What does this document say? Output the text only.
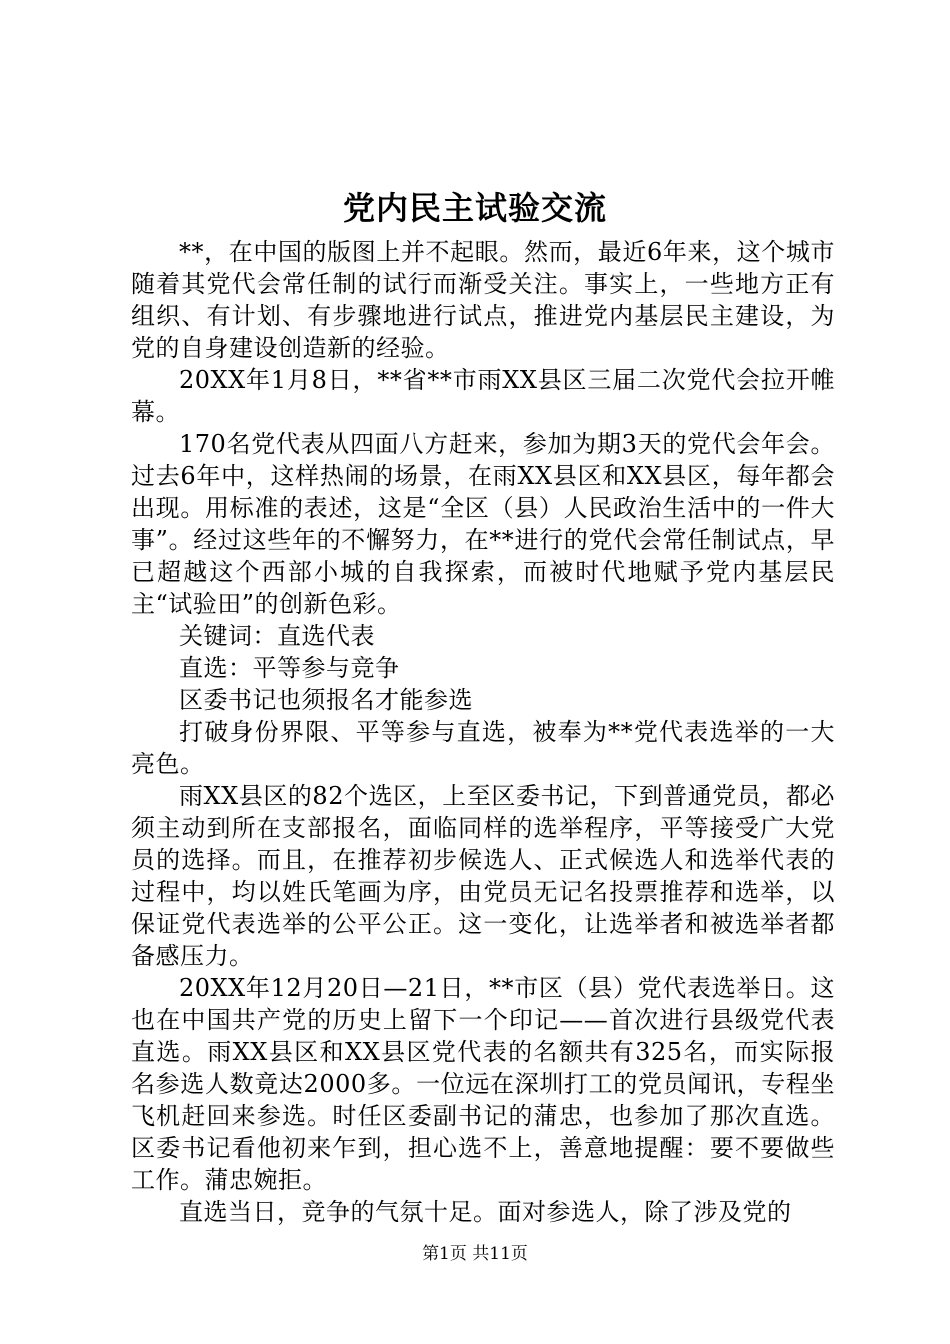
党内民主试验交流

**，在中国的版图上并不起眼。然而，最近6年来，这个城市随着其党代会常任制的试行而渐受关注。事实上，一些地方正有组织、有计划、有步骤地进行试点，推进党内基层民主建设，为党的自身建设创造新的经验。

20XX年1月8日，**省**市雨XX县区三届二次党代会拉开帷幕。

170名党代表从四面八方赶来，参加为期3天的党代会年会。过去6年中，这样热闹的场景，在雨XX县区和XX县区，每年都会出现。用标准的表述，这是“全区（县）人民政治生活中的一件大事”。经过这些年的不懈努力，在**进行的党代会常任制试点，早已超越这个西部小城的自我探索，而被时代地赋予党内基层民主“试验田”的创新色彩。

关键词：直选代表

直选：平等参与竞争

区委书记也须报名才能参选

打破身份界限、平等参与直选，被奉为**党代表选举的一大亮色。

雨XX县区的82个选区，上至区委书记，下到普通党员，都必须主动到所在支部报名，面临同样的选举程序，平等接受广大党员的选择。而且，在推荐初步候选人、正式候选人和选举代表的过程中，均以姓氏笔画为序，由党员无记名投票推荐和选举，以保证党代表选举的公平公正。这一变化，让选举者和被选举者都备感压力。

20XX年12月20日—21日，**市区（县）党代表选举日。这也在中国共产党的历史上留下一个印记——首次进行县级党代表直选。雨XX县区和XX县区党代表的名额共有325名，而实际报名参选人数竟达2000多。一位远在深圳打工的党员闻讯，专程坐飞机赶回来参选。时任区委副书记的蒲忠，也参加了那次直选。区委书记看他初来乍到，担心选不上，善意地提醒：要不要做些工作。蒲忠婉拒。

直选当日，竞争的气氛十足。面对参选人，除了涉及党的

第1页 共11页
